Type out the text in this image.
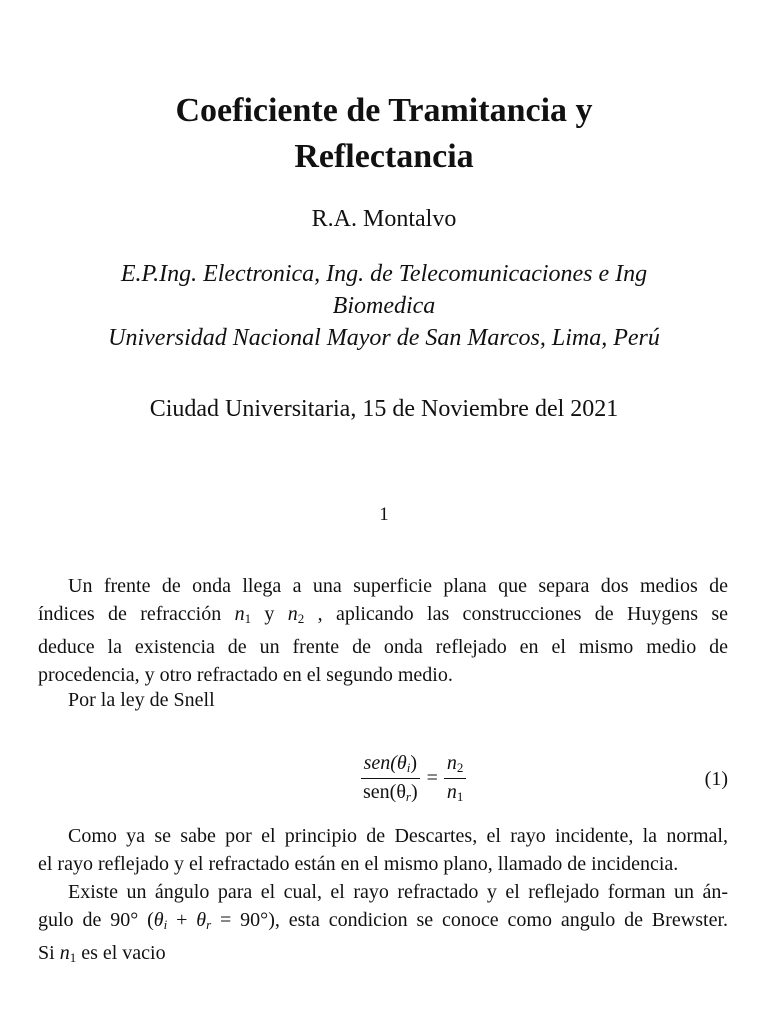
Coeficiente de Tramitancia y
Reflectancia
R.A. Montalvo
E.P.Ing. Electronica, Ing. de Telecomunicaciones e Ing
Biomedica
Universidad Nacional Mayor de San Marcos, Lima, Perú
Ciudad Universitaria, 15 de Noviembre del 2021
1
Un frente de onda llega a una superficie plana que separa dos medios de
índices de refracción $n_1$ y $n_2$ , aplicando las construcciones de Huygens se
deduce la existencia de un frente de onda reflejado en el mismo medio de
procedencia, y otro refractado en el segundo medio.
Por la ley de Snell
$\frac{sen(\theta_i)}{sen(\theta_r)} = \frac{n_2}{n_1}$	(1)
Como ya se sabe por el principio de Descartes, el rayo incidente, la normal,
el rayo reflejado y el refractado están en el mismo plano, llamado de incidencia.
Existe un ángulo para el cual, el rayo refractado y el reflejado forman un án-
gulo de 90° $(\theta_i + \theta_r = 90^\circ)$, esta condicion se conoce como angulo de Brewster.
Si $n_1$ es el vacio
